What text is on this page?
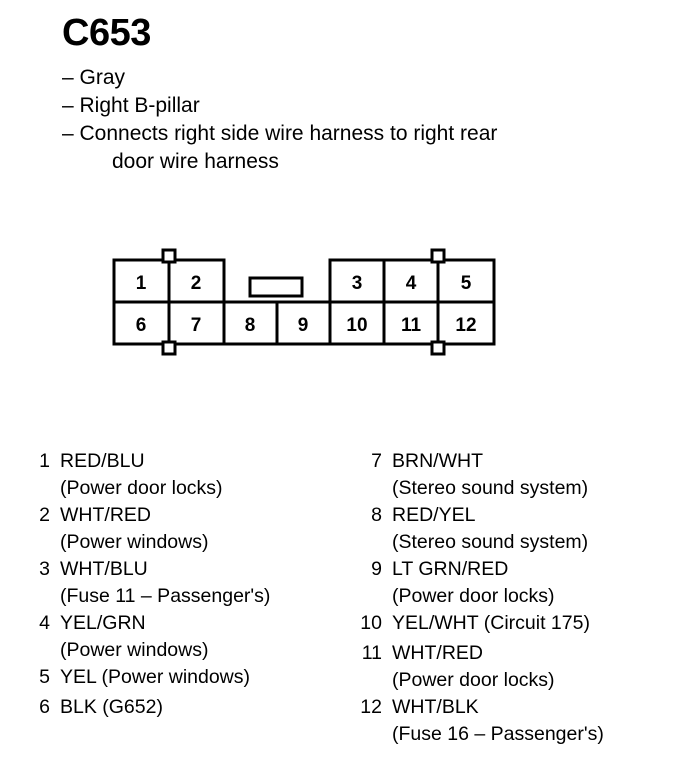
C653
– Gray
– Right B-pillar
– Connects right side wire harness to right rear
door wire harness
1 2	3 4 5
6 7 8 9 10 11 12
1 RED/BLU
(Power door locks)
2 WHT/RED
(Power windows)
3 WHT/BLU
(Fuse 11 – Passenger's)
4 YEL/GRN
(Power windows)
5 YEL (Power windows)
6 BLK (G652)
7 BRN/WHT
(Stereo sound system)
8 RED/YEL
(Stereo sound system)
9 LT GRN/RED
(Power door locks)
10 YEL/WHT (Circuit 175)
11 WHT/RED
(Power door locks)
12 WHT/BLK
(Fuse 16 – Passenger's)
